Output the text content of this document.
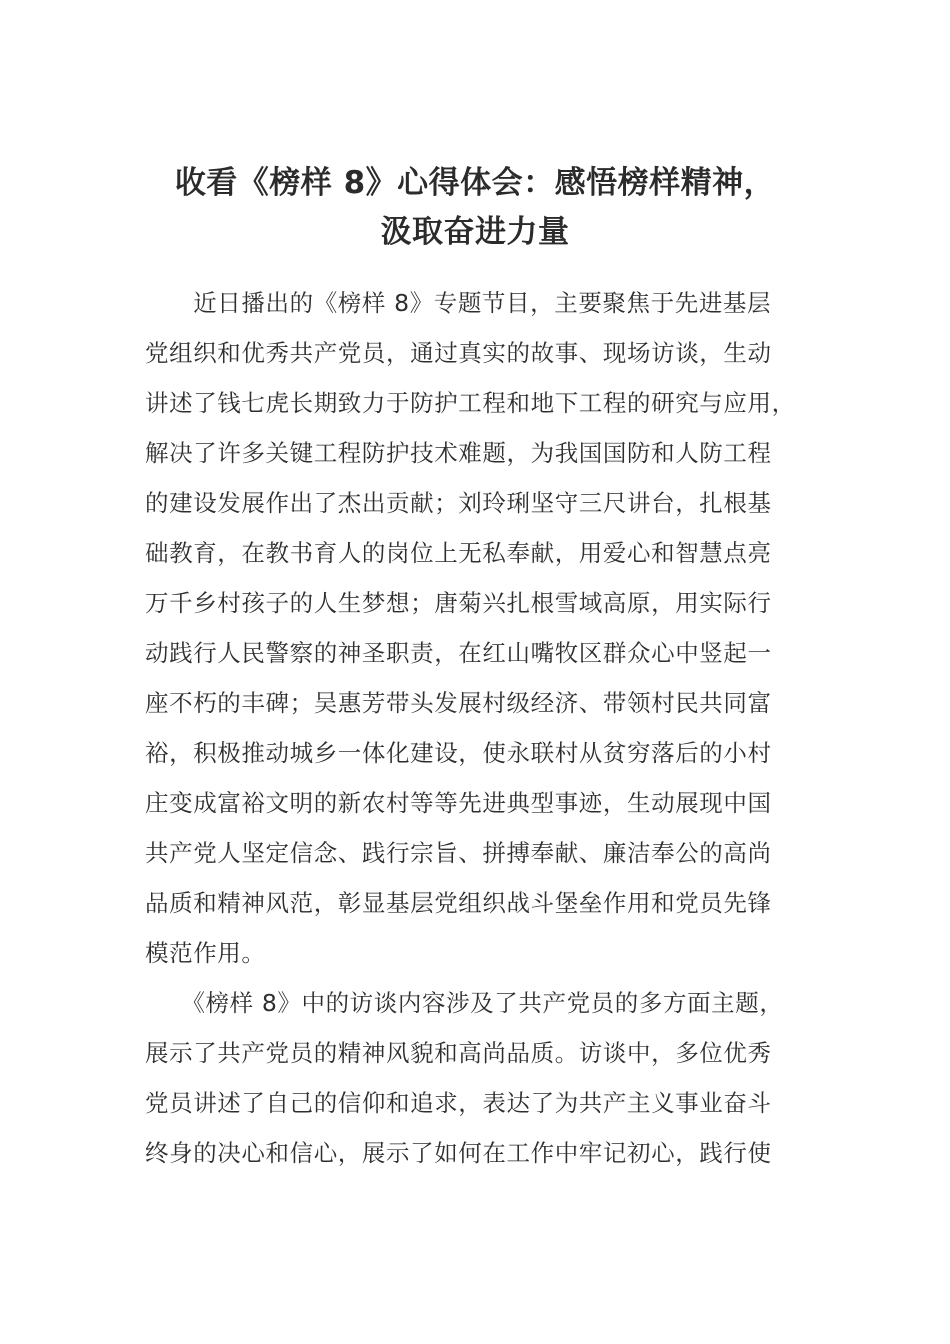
收看《榜样 8》心得体会：感悟榜样精神，
汲取奋进力量
　　近日播出的《榜样 8》专题节目，主要聚焦于先进基层
党组织和优秀共产党员，通过真实的故事、现场访谈，生动
讲述了钱七虎长期致力于防护工程和地下工程的研究与应用，
解决了许多关键工程防护技术难题，为我国国防和人防工程
的建设发展作出了杰出贡献；刘玲琍坚守三尺讲台，扎根基
础教育，在教书育人的岗位上无私奉献，用爱心和智慧点亮
万千乡村孩子的人生梦想；唐菊兴扎根雪域高原，用实际行
动践行人民警察的神圣职责，在红山嘴牧区群众心中竖起一
座不朽的丰碑；吴惠芳带头发展村级经济、带领村民共同富
裕，积极推动城乡一体化建设，使永联村从贫穷落后的小村
庄变成富裕文明的新农村等等先进典型事迹，生动展现中国
共产党人坚定信念、践行宗旨、拼搏奉献、廉洁奉公的高尚
品质和精神风范，彰显基层党组织战斗堡垒作用和党员先锋
模范作用。
　　《榜样 8》中的访谈内容涉及了共产党员的多方面主题，
展示了共产党员的精神风貌和高尚品质。访谈中，多位优秀
党员讲述了自己的信仰和追求，表达了为共产主义事业奋斗
终身的决心和信心，展示了如何在工作中牢记初心，践行使
